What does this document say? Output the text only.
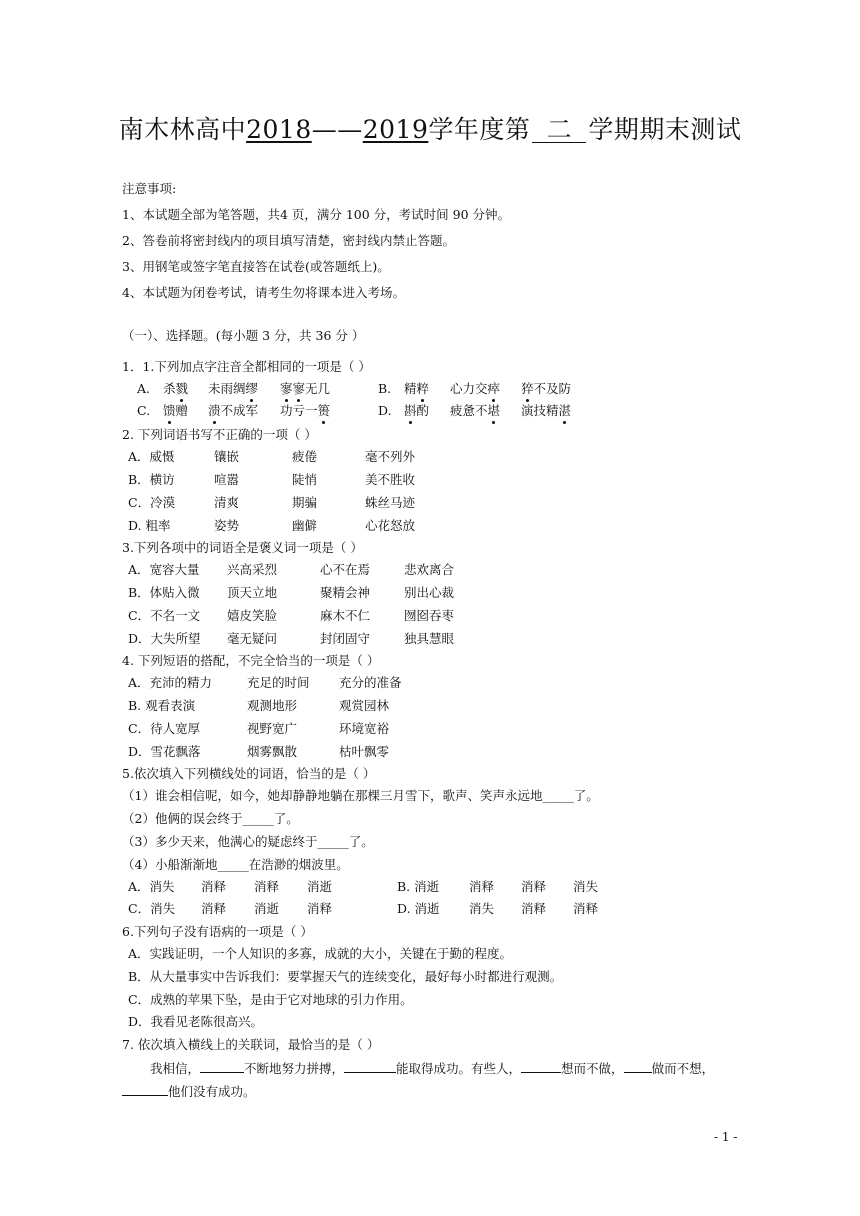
南木林高中2018——2019学年度第 二 学期期末测试
注意事项:
1、本试题全部为笔答题，共4 页，满分 100 分，考试时间 90 分钟。
2、答卷前将密封线内的项目填写清楚，密封线内禁止答题。
3、用钢笔或签字笔直接答在试卷(或答题纸上)。
4、本试题为闭卷考试，请考生勿将课本进入考场。
（一）、选择题。(每小题 3 分，共 36 分 ）
1．1.下列加点字注音全都相同的一项是（ ）
A. 杀戮 未雨绸缪 寥寥无几	B. 精粹 心力交瘁 猝不及防
C. 馈赠 溃不成军 功亏一篑	D. 斟酌 疲惫不堪 演技精湛
2. 下列词语书写不正确的一项（ ）
A．威慑	镶嵌	疲倦	毫不列外
B．横访	喧嚣	陡悄	美不胜收
C．冷漠	清爽	期骗	蛛丝马迹
D. 粗率	姿势	幽僻	心花怒放
3.下列各项中的词语全是褒义词一项是（ ）
A．宽容大量 兴高采烈	心不在焉	悲欢离合
B．体贴入微 顶天立地	聚精会神	别出心裁
C．不名一文 嬉皮笑脸	麻木不仁	囫囵吞枣
D．大失所望 毫无疑问	封闭固守	独具慧眼
4. 下列短语的搭配，不完全恰当的一项是（ ）
A．充沛的精力	充足的时间 充分的准备
B. 观看表演	观测地形	观赏园林
C．待人宽厚	视野宽广	环境宽裕
D．雪花飘落	烟雾飘散	枯叶飘零
5.依次填入下列横线处的词语，恰当的是（ ）
（1）谁会相信呢，如今，她却静静地躺在那棵三月雪下，歌声、笑声永远地_____了。
（2）他俩的误会终于_____了。
（3）多少天来，他满心的疑虑终于_____了。
（4）小船渐渐地_____在浩渺的烟波里。
A．消失 消释 消释 消逝	B. 消逝 消释 消释 消失
C．消失 消释 消逝 消释	D. 消逝 消失 消释 消释
6.下列句子没有语病的一项是（ ）
A．实践证明，一个人知识的多寡，成就的大小，关键在于勤的程度。
B．从大量事实中告诉我们：要掌握天气的连续变化，最好每小时都进行观测。
C．成熟的苹果下坠，是由于它对地球的引力作用。
D．我看见老陈很高兴。
7. 依次填入横线上的关联词，最恰当的是（ ）
我相信，	不断地努力拼搏，	能取得成功。有些人，	想而不做， 做而不想，
他们没有成功。
- 1 -
